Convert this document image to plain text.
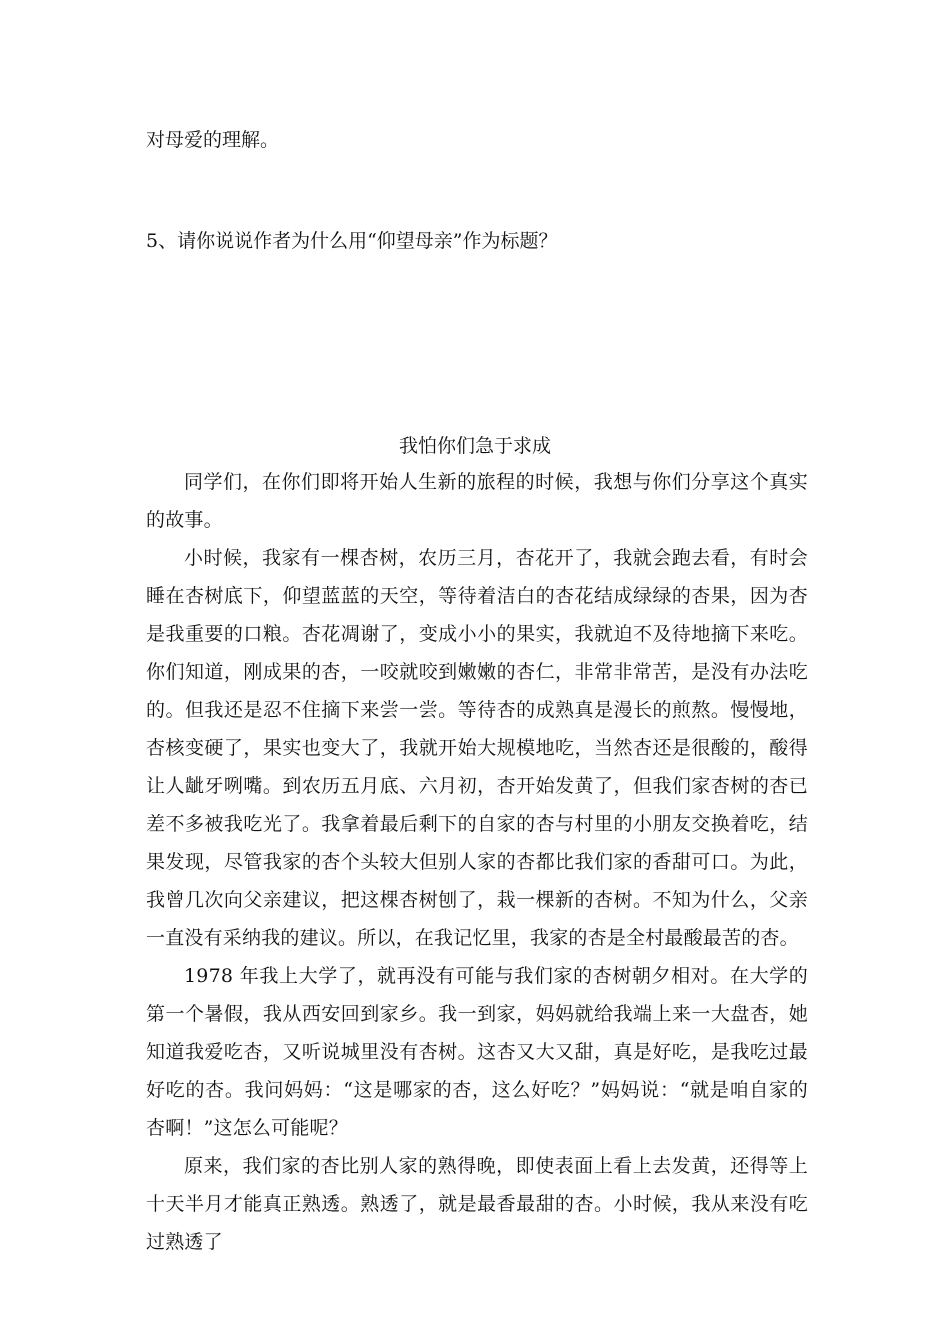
对母爱的理解。
5、请你说说作者为什么用“仰望母亲”作为标题？
我怕你们急于求成

同学们，在你们即将开始人生新的旅程的时候，我想与你们分享这个真实的故事。

小时候，我家有一棵杏树，农历三月，杏花开了，我就会跑去看，有时会睡在杏树底下，仰望蓝蓝的天空，等待着洁白的杏花结成绿绿的杏果，因为杏是我重要的口粮。杏花凋谢了，变成小小的果实，我就迫不及待地摘下来吃。你们知道，刚成果的杏，一咬就咬到嫩嫩的杏仁，非常非常苦，是没有办法吃的。但我还是忍不住摘下来尝一尝。等待杏的成熟真是漫长的煎熬。慢慢地，杏核变硬了，果实也变大了，我就开始大规模地吃，当然杏还是很酸的，酸得让人龇牙咧嘴。到农历五月底、六月初，杏开始发黄了，但我们家杏树的杏已差不多被我吃光了。我拿着最后剩下的自家的杏与村里的小朋友交换着吃，结果发现，尽管我家的杏个头较大但别人家的杏都比我们家的香甜可口。为此，我曾几次向父亲建议，把这棵杏树刨了，栽一棵新的杏树。不知为什么，父亲一直没有采纳我的建议。所以，在我记忆里，我家的杏是全村最酸最苦的杏。

1978 年我上大学了，就再没有可能与我们家的杏树朝夕相对。在大学的第一个暑假，我从西安回到家乡。我一到家，妈妈就给我端上来一大盘杏，她知道我爱吃杏，又听说城里没有杏树。这杏又大又甜，真是好吃，是我吃过最好吃的杏。我问妈妈：“这是哪家的杏，这么好吃？”妈妈说：“就是咱自家的杏啊！”这怎么可能呢？

原来，我们家的杏比别人家的熟得晚，即使表面上看上去发黄，还得等上十天半月才能真正熟透。熟透了，就是最香最甜的杏。小时候，我从来没有吃过熟透了
